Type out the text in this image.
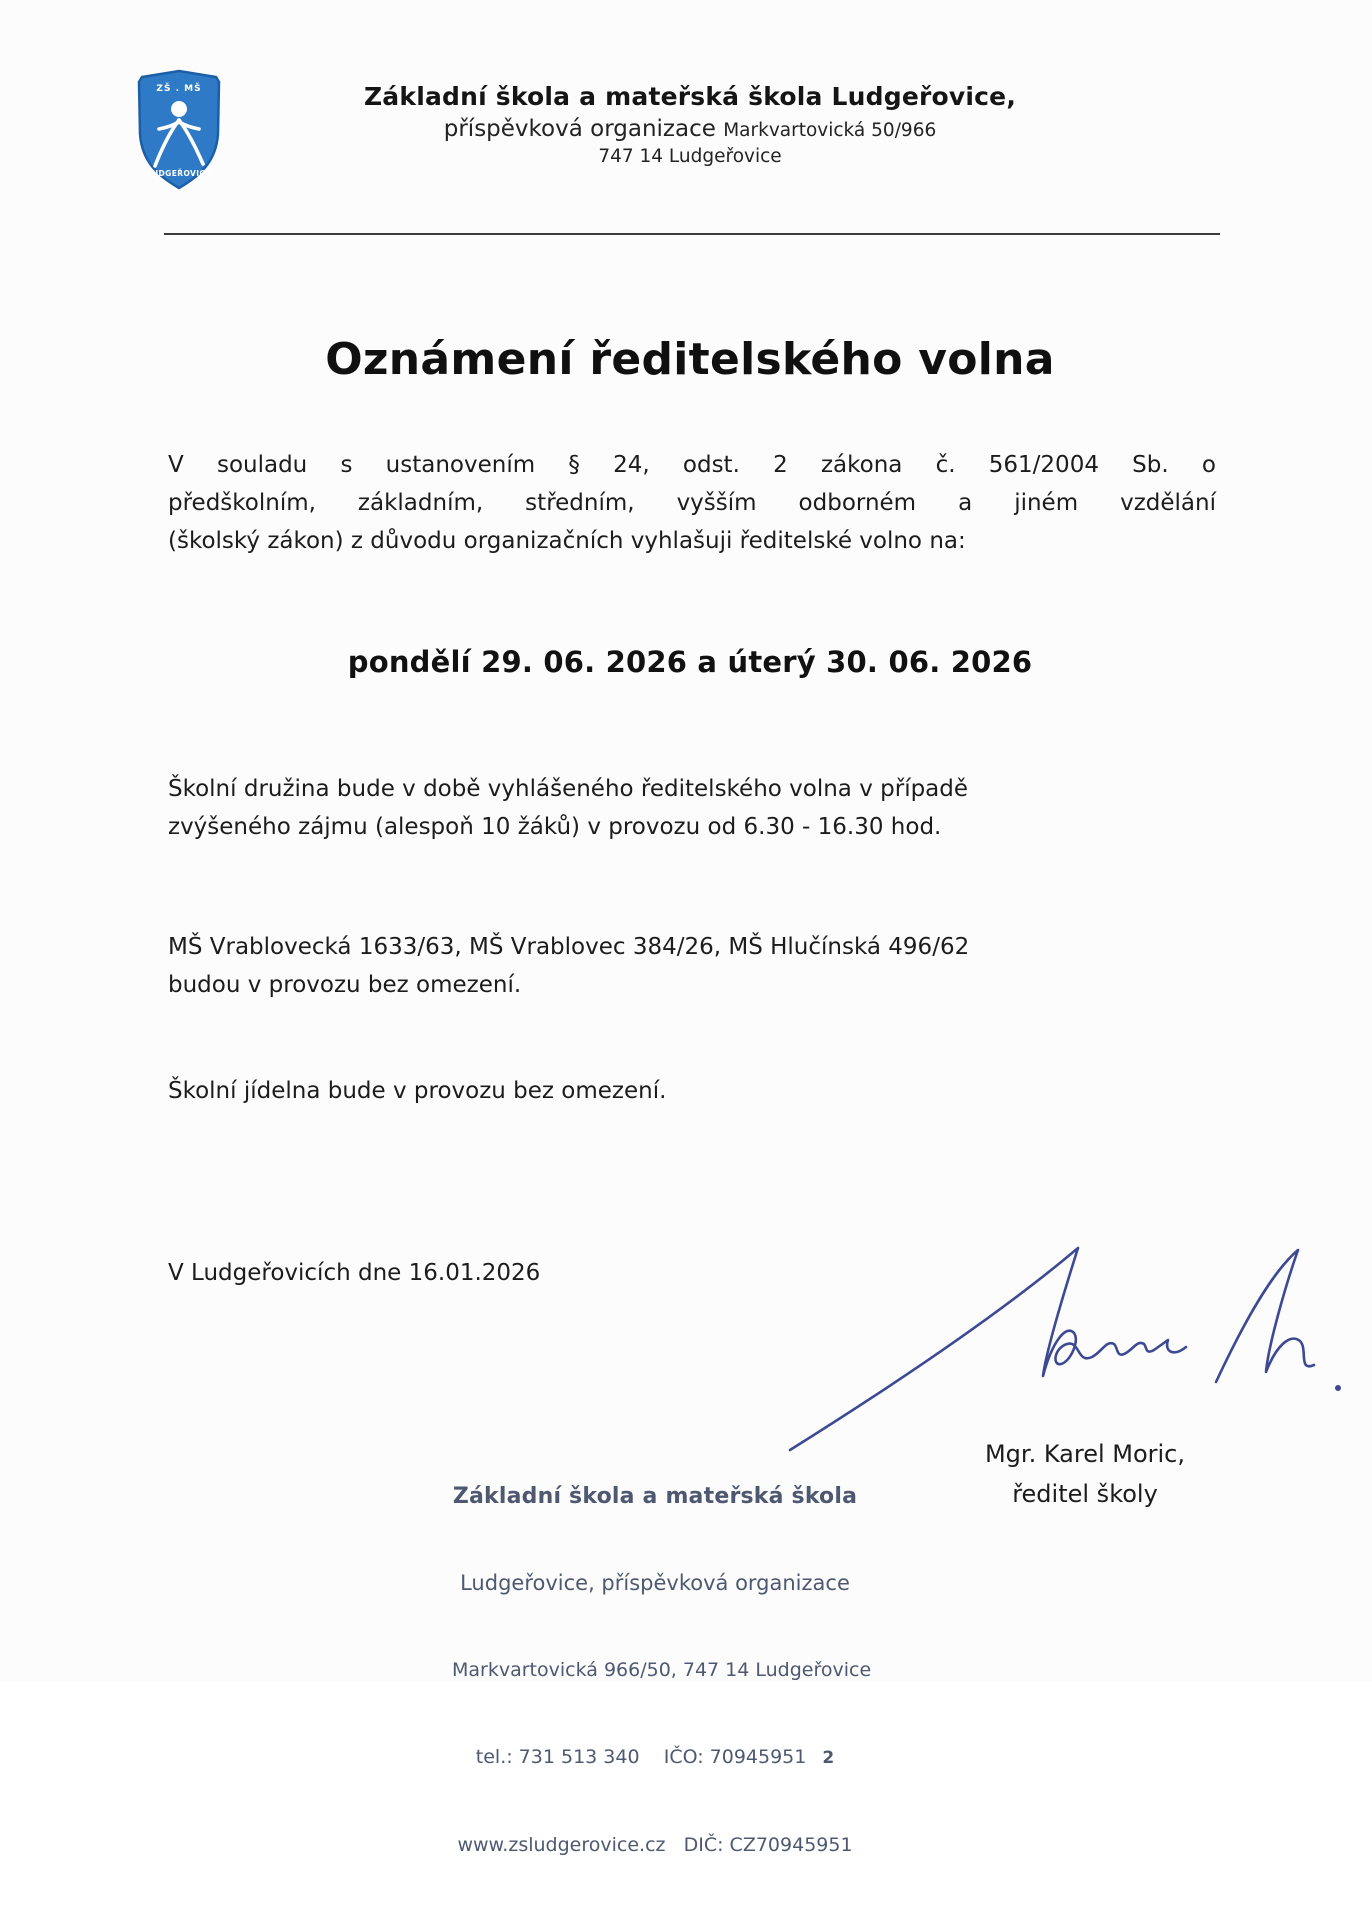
ZŠ . MŠ
LUDGEŘOVICE
Základní škola a mateřská škola Ludgeřovice,
příspěvková organizace Markvartovická 50/966
747 14 Ludgeřovice
Oznámení ředitelského volna
V souladu s ustanovením § 24, odst. 2 zákona č. 561/2004 Sb. o
předškolním, základním, středním, vyšším odborném a jiném vzdělání
(školský zákon) z důvodu organizačních vyhlašuji ředitelské volno na:
pondělí 29. 06. 2026 a úterý 30. 06. 2026
Školní družina bude v době vyhlášeného ředitelského volna v případě
zvýšeného zájmu (alespoň 10 žáků) v provozu od 6.30 - 16.30 hod.
MŠ Vrablovecká 1633/63, MŠ Vrablovec 384/26, MŠ Hlučínská 496/62
budou v provozu bez omezení.
Školní jídelna bude v provozu bez omezení.
V Ludgeřovicích dne 16.01.2026

Základní škola a mateřská škola

Ludgeřovice, příspěvková organizace

Markvartovická 966/50, 747 14 Ludgeřovice

tel.: 731 513 340    IČO: 70945951 2

www.zsludgerovice.cz   DIČ: CZ70945951

Mgr. Karel Moric,
ředitel školy
